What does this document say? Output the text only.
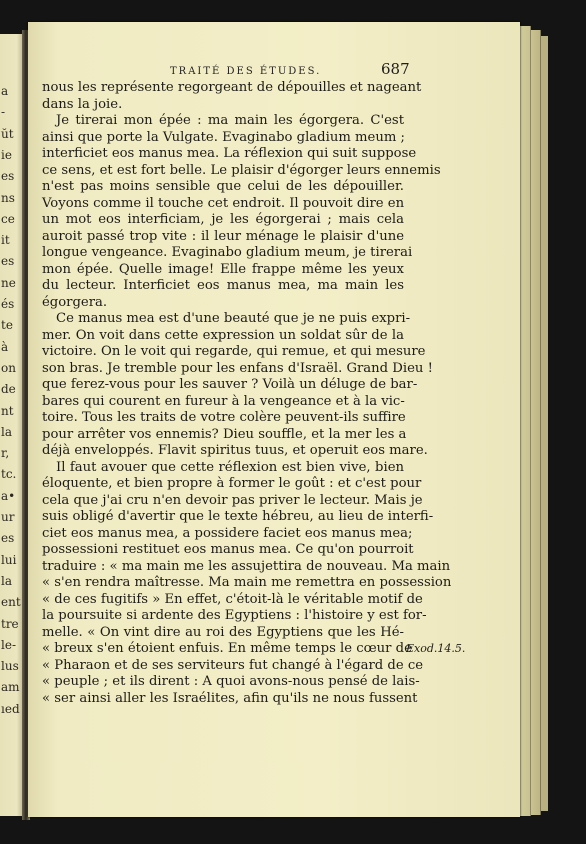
a
-
ŭt
ie
es
ns
ce
it
es
ne
és
te
à
on
de
nt
la
r,
tc.
a•
ur
es
lui
la
ent
tre
le-
lus
am
ıed
TRAITÉ DES ÉTUDES.	687
nous les représente regorgeant de dépouilles et nageant
dans la joie.
Je tirerai mon épée : ma main les égorgera. C'est
ainsi que porte la Vulgate. Evaginabo gladium meum ;
interficiet eos manus mea. La réflexion qui suit suppose
ce sens, et est fort belle. Le plaisir d'égorger leurs ennemis
n'est pas moins sensible que celui de les dépouiller.
Voyons comme il touche cet endroit. Il pouvoit dire en
un mot eos interficiam, je les égorgerai ; mais cela
auroit passé trop vite : il leur ménage le plaisir d'une
longue vengeance. Evaginabo gladium meum, je tirerai
mon épée. Quelle image! Elle frappe même les yeux
du lecteur. Interficiet eos manus mea, ma main les
égorgera.
Ce manus mea est d'une beauté que je ne puis expri-
mer. On voit dans cette expression un soldat sûr de la
victoire. On le voit qui regarde, qui remue, et qui mesure
son bras. Je tremble pour les enfans d'Israël. Grand Dieu !
que ferez-vous pour les sauver ? Voilà un déluge de bar-
bares qui courent en fureur à la vengeance et à la vic-
toire. Tous les traits de votre colère peuvent-ils suffire
pour arrêter vos ennemis? Dieu souffle, et la mer les a
déjà enveloppés. Flavit spiritus tuus, et operuit eos mare.
Il faut avouer que cette réflexion est bien vive, bien
éloquente, et bien propre à former le goût : et c'est pour
cela que j'ai cru n'en devoir pas priver le lecteur. Mais je
suis obligé d'avertir que le texte hébreu, au lieu de interfi-
ciet eos manus mea, a possidere faciet eos manus mea;
possessioni restituet eos manus mea. Ce qu'on pourroit
traduire : « ma main me les assujettira de nouveau. Ma main
« s'en rendra maîtresse. Ma main me remettra en possession
« de ces fugitifs » En effet, c'étoit-là le véritable motif de
la poursuite si ardente des Egyptiens : l'histoire y est for-
melle. « On vint dire au roi des Egyptiens que les Hé-
« breux s'en étoient enfuis. En même temps le cœur de
« Pharaon et de ses serviteurs fut changé à l'égard de ce
« peuple ; et ils dirent : A quoi avons-nous pensé de lais-
« ser ainsi aller les Israélites, afin qu'ils ne nous fussent
Exod.14.5.
